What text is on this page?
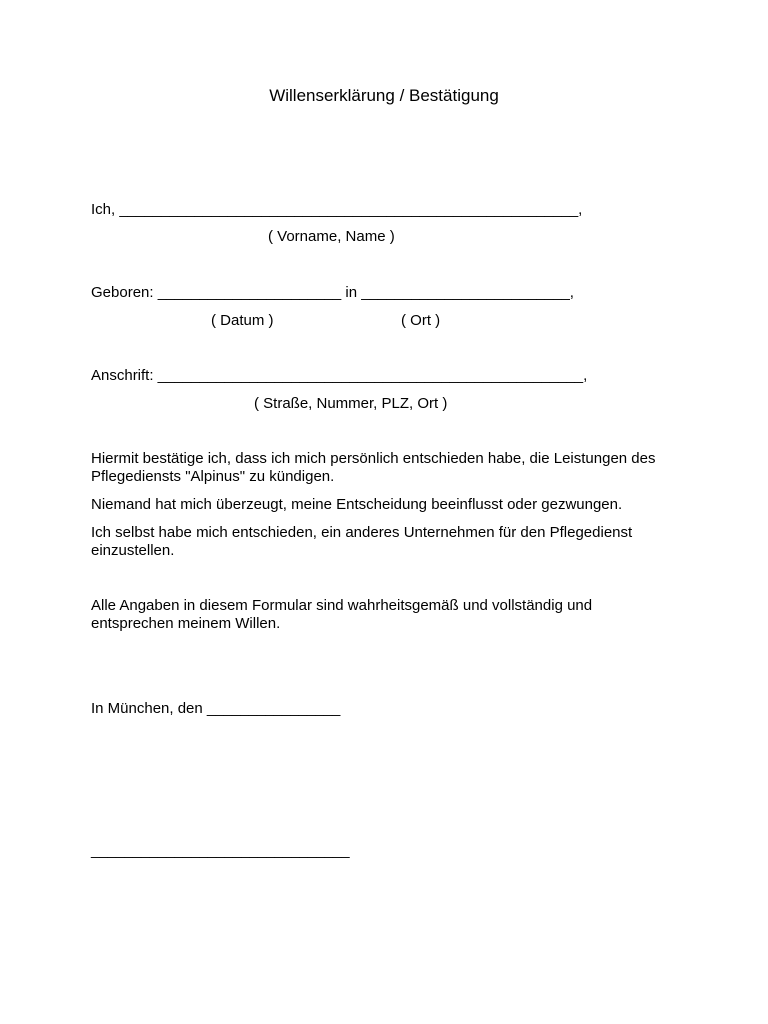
Willenserklärung / Bestätigung
Ich, _______________________________________________________,
( Vorname, Name )
Geboren: ______________________ in _________________________,
( Datum )	( Ort )
Anschrift: ___________________________________________________,
( Straße, Nummer, PLZ, Ort )
Hiermit bestätige ich, dass ich mich persönlich entschieden habe, die Leistungen des Pflegediensts "Alpinus" zu kündigen.
Niemand hat mich überzeugt, meine Entscheidung beeinflusst oder gezwungen.
Ich selbst habe mich entschieden, ein anderes Unternehmen für den Pflegedienst einzustellen.
Alle Angaben in diesem Formular sind wahrheitsgemäß und vollständig und entsprechen meinem Willen.
In München, den ________________
_______________________________
